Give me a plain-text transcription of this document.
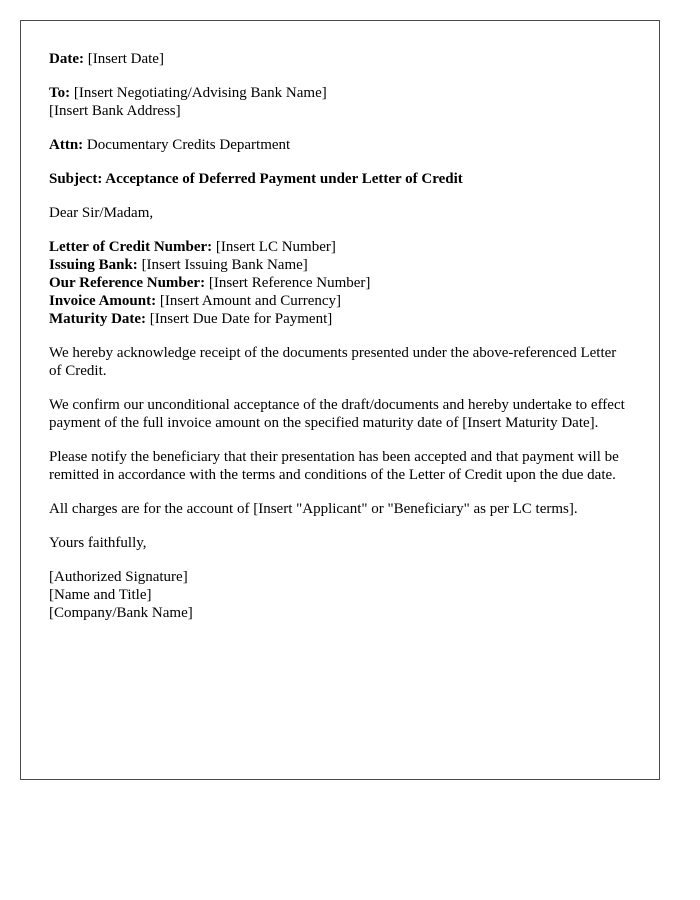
Date: [Insert Date]

To: [Insert Negotiating/Advising Bank Name]
[Insert Bank Address]

Attn: Documentary Credits Department

Subject: Acceptance of Deferred Payment under Letter of Credit

Dear Sir/Madam,

Letter of Credit Number: [Insert LC Number]
Issuing Bank: [Insert Issuing Bank Name]
Our Reference Number: [Insert Reference Number]
Invoice Amount: [Insert Amount and Currency]
Maturity Date: [Insert Due Date for Payment]

We hereby acknowledge receipt of the documents presented under the above-referenced Letter of Credit.

We confirm our unconditional acceptance of the draft/documents and hereby undertake to effect payment of the full invoice amount on the specified maturity date of [Insert Maturity Date].

Please notify the beneficiary that their presentation has been accepted and that payment will be remitted in accordance with the terms and conditions of the Letter of Credit upon the due date.

All charges are for the account of [Insert "Applicant" or "Beneficiary" as per LC terms].

Yours faithfully,

[Authorized Signature]
[Name and Title]
[Company/Bank Name]
